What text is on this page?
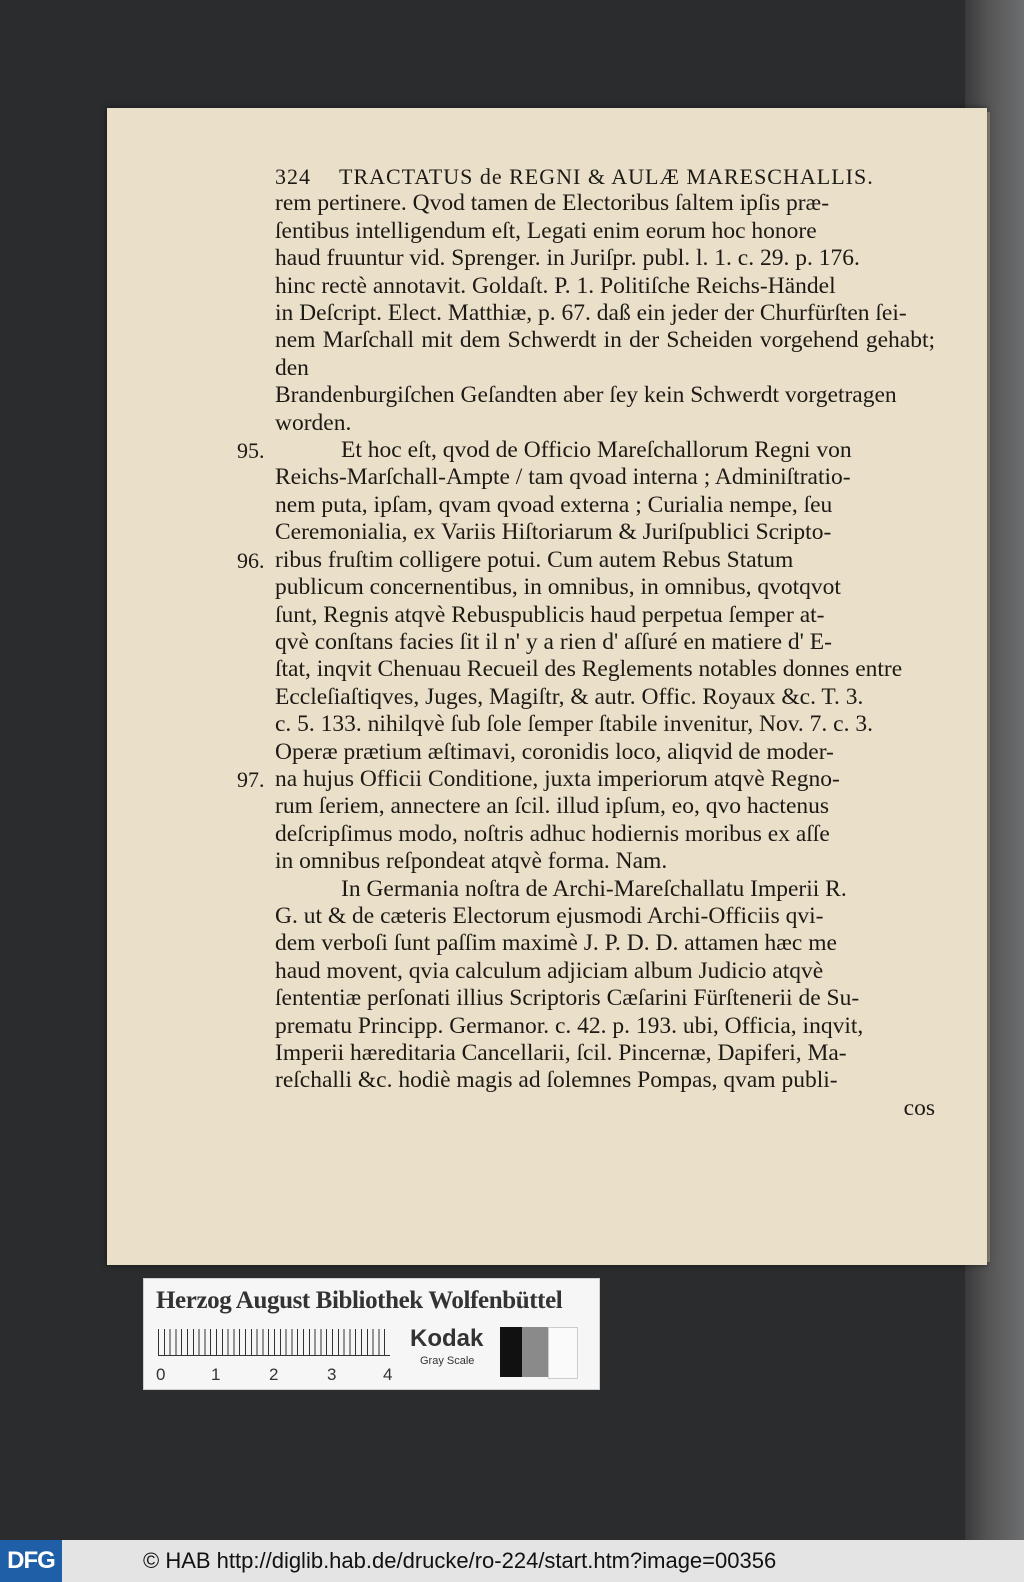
324 TRACTATUS de REGNI & AULÆ MARESCHALLIS.

rem pertinere. Qvod tamen de Electoribus ſaltem ipſis præ-

ſentibus intelligendum eſt, Legati enim eorum hoc honore

haud fruuntur vid. Sprenger. in Juriſpr. publ. l. 1. c. 29. p. 176.

hinc rectè annotavit. Goldaſt. P. 1. Politiſche Reichs-Händel

in Deſcript. Elect. Matthiæ, p. 67. daß ein jeder der Churfürſten ſei-

nem Marſchall mit dem Schwerdt in der Scheiden vorgehend gehabt; den

Brandenburgiſchen Geſandten aber ſey kein Schwerdt vorgetragen

worden.

95.	Et hoc eſt, qvod de Officio Mareſchallorum Regni von

Reichs-Marſchall-Ampte / tam qvoad interna ; Adminiſtratio-

nem puta, ipſam, qvam qvoad externa ; Curialia nempe, ſeu

Ceremonialia, ex Variis Hiſtoriarum & Juriſpublici Scripto-

96. ribus fruſtim colligere potui. Cum autem Rebus Statum

publicum concernentibus, in omnibus, in omnibus, qvotqvot

ſunt, Regnis atqvè Rebuspublicis haud perpetua ſemper at-

qvè conſtans facies ſit il n' y a rien d' aſſuré en matiere d' E-

ſtat, inqvit Chenuau Recueil des Reglements notables donnes entre

Eccleſiaſtiqves, Juges, Magiſtr, & autr. Offic. Royaux &c. T. 3.

c. 5. 133. nihilqvè ſub ſole ſemper ſtabile invenitur, Nov. 7. c. 3.

Operæ prætium æſtimavi, coronidis loco, aliqvid de moder-

97. na hujus Officii Conditione, juxta imperiorum atqvè Regno-

rum ſeriem, annectere an ſcil. illud ipſum, eo, qvo hactenus

deſcripſimus modo, noſtris adhuc hodiernis moribus ex aſſe

in omnibus reſpondeat atqvè forma. Nam.

In Germania noſtra de Archi-Mareſchallatu Imperii R.

G. ut & de cæteris Electorum ejusmodi Archi-Officiis qvi-

dem verboſi ſunt paſſim maximè J. P. D. D. attamen hæc me

haud movent, qvia calculum adjiciam album Judicio atqvè

ſententiæ perſonati illius Scriptoris Cæſarini Fürſtenerii de Su-

prematu Principp. Germanor. c. 42. p. 193. ubi, Officia, inqvit,

Imperii hæreditaria Cancellarii, ſcil. Pincernæ, Dapiferi, Ma-

reſchalli &c. hodiè magis ad ſolemnes Pompas, qvam publi-

cos

Herzog August Bibliothek Wolfenbüttel
0	1	2	3	4
Kodak
Gray Scale
DFG	© HAB http://diglib.hab.de/drucke/ro-224/start.htm?image=00356
